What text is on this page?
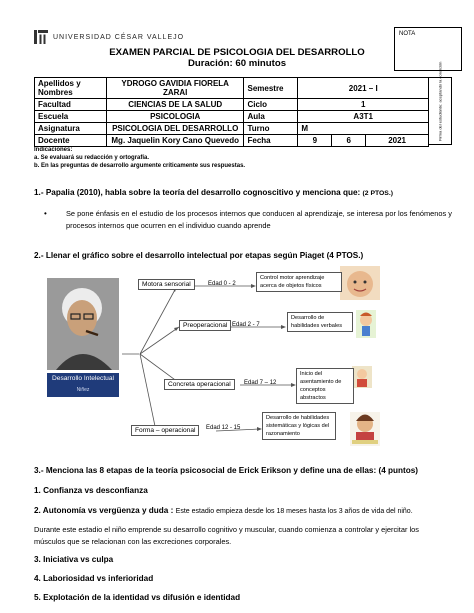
UNIVERSIDAD CÉSAR VALLEJO	NOTA
EXAMEN PARCIAL DE PSICOLOGIA DEL DESARROLLO
Duración: 60 minutos
Apellidos y Nombres	YDROGO GAVIDIA FIORELA ZARAI	Semestre	2021 – I		
Facultad	CIENCIAS DE LA SALUD	Ciclo	1		
Escuela	PSICOLOGIA	Aula	A3T1		
Asignatura	PSICOLOGIA DEL DESARROLLO	Turno	M		
Docente	Mg. Jaquelin Kory Cano Quevedo	Fecha	9	6	2021	Firma del estudiante: aceptando la condición
Indicaciones:
a. Se evaluará su redacción y ortografía.
b. En las preguntas de desarrollo argumente críticamente sus respuestas.
1.- Papalia (2010), habla sobre la teoría del desarrollo cognoscitivo y menciona que: (2 PTOS.)
•	Se pone énfasis en el estudio de los procesos internos que conducen al aprendizaje, se interesa por los fenómenos y procesos internos que ocurren en el individuo cuando aprende
2.- Llenar el gráfico sobre el desarrollo intelectual por etapas según Piaget (4 PTOS.)
Desarrollo Intelectual
Niñez
Motora sensorial	Edad 0 - 2
Control motor aprendizaje acerca de objetos físicos
Preoperacional Edad 2 - 7
Desarrollo de habilidades verbales
Concreta operacional	Edad 7 – 12
Inicio del asentamiento de conceptos abstractos
Forma – operacional	Edad 12 - 15
Desarrollo de habilidades sistemáticas y lógicas del razonamiento
3.- Menciona las 8 etapas de la teoría psicosocial de Erick Erikson y define una de ellas: (4 puntos)
1. Confianza vs desconfianza
2. Autonomía vs vergüenza y duda : Este estadio empieza desde los 18 meses hasta los 3 años de vida del niño.
Durante este estadio el niño emprende su desarrollo cognitivo y muscular, cuando comienza a controlar y ejercitar los músculos que se relacionan con las excreciones corporales.
3. Iniciativa vs culpa
4. Laboriosidad vs inferioridad
5. Explotación de la identidad vs difusión e identidad
